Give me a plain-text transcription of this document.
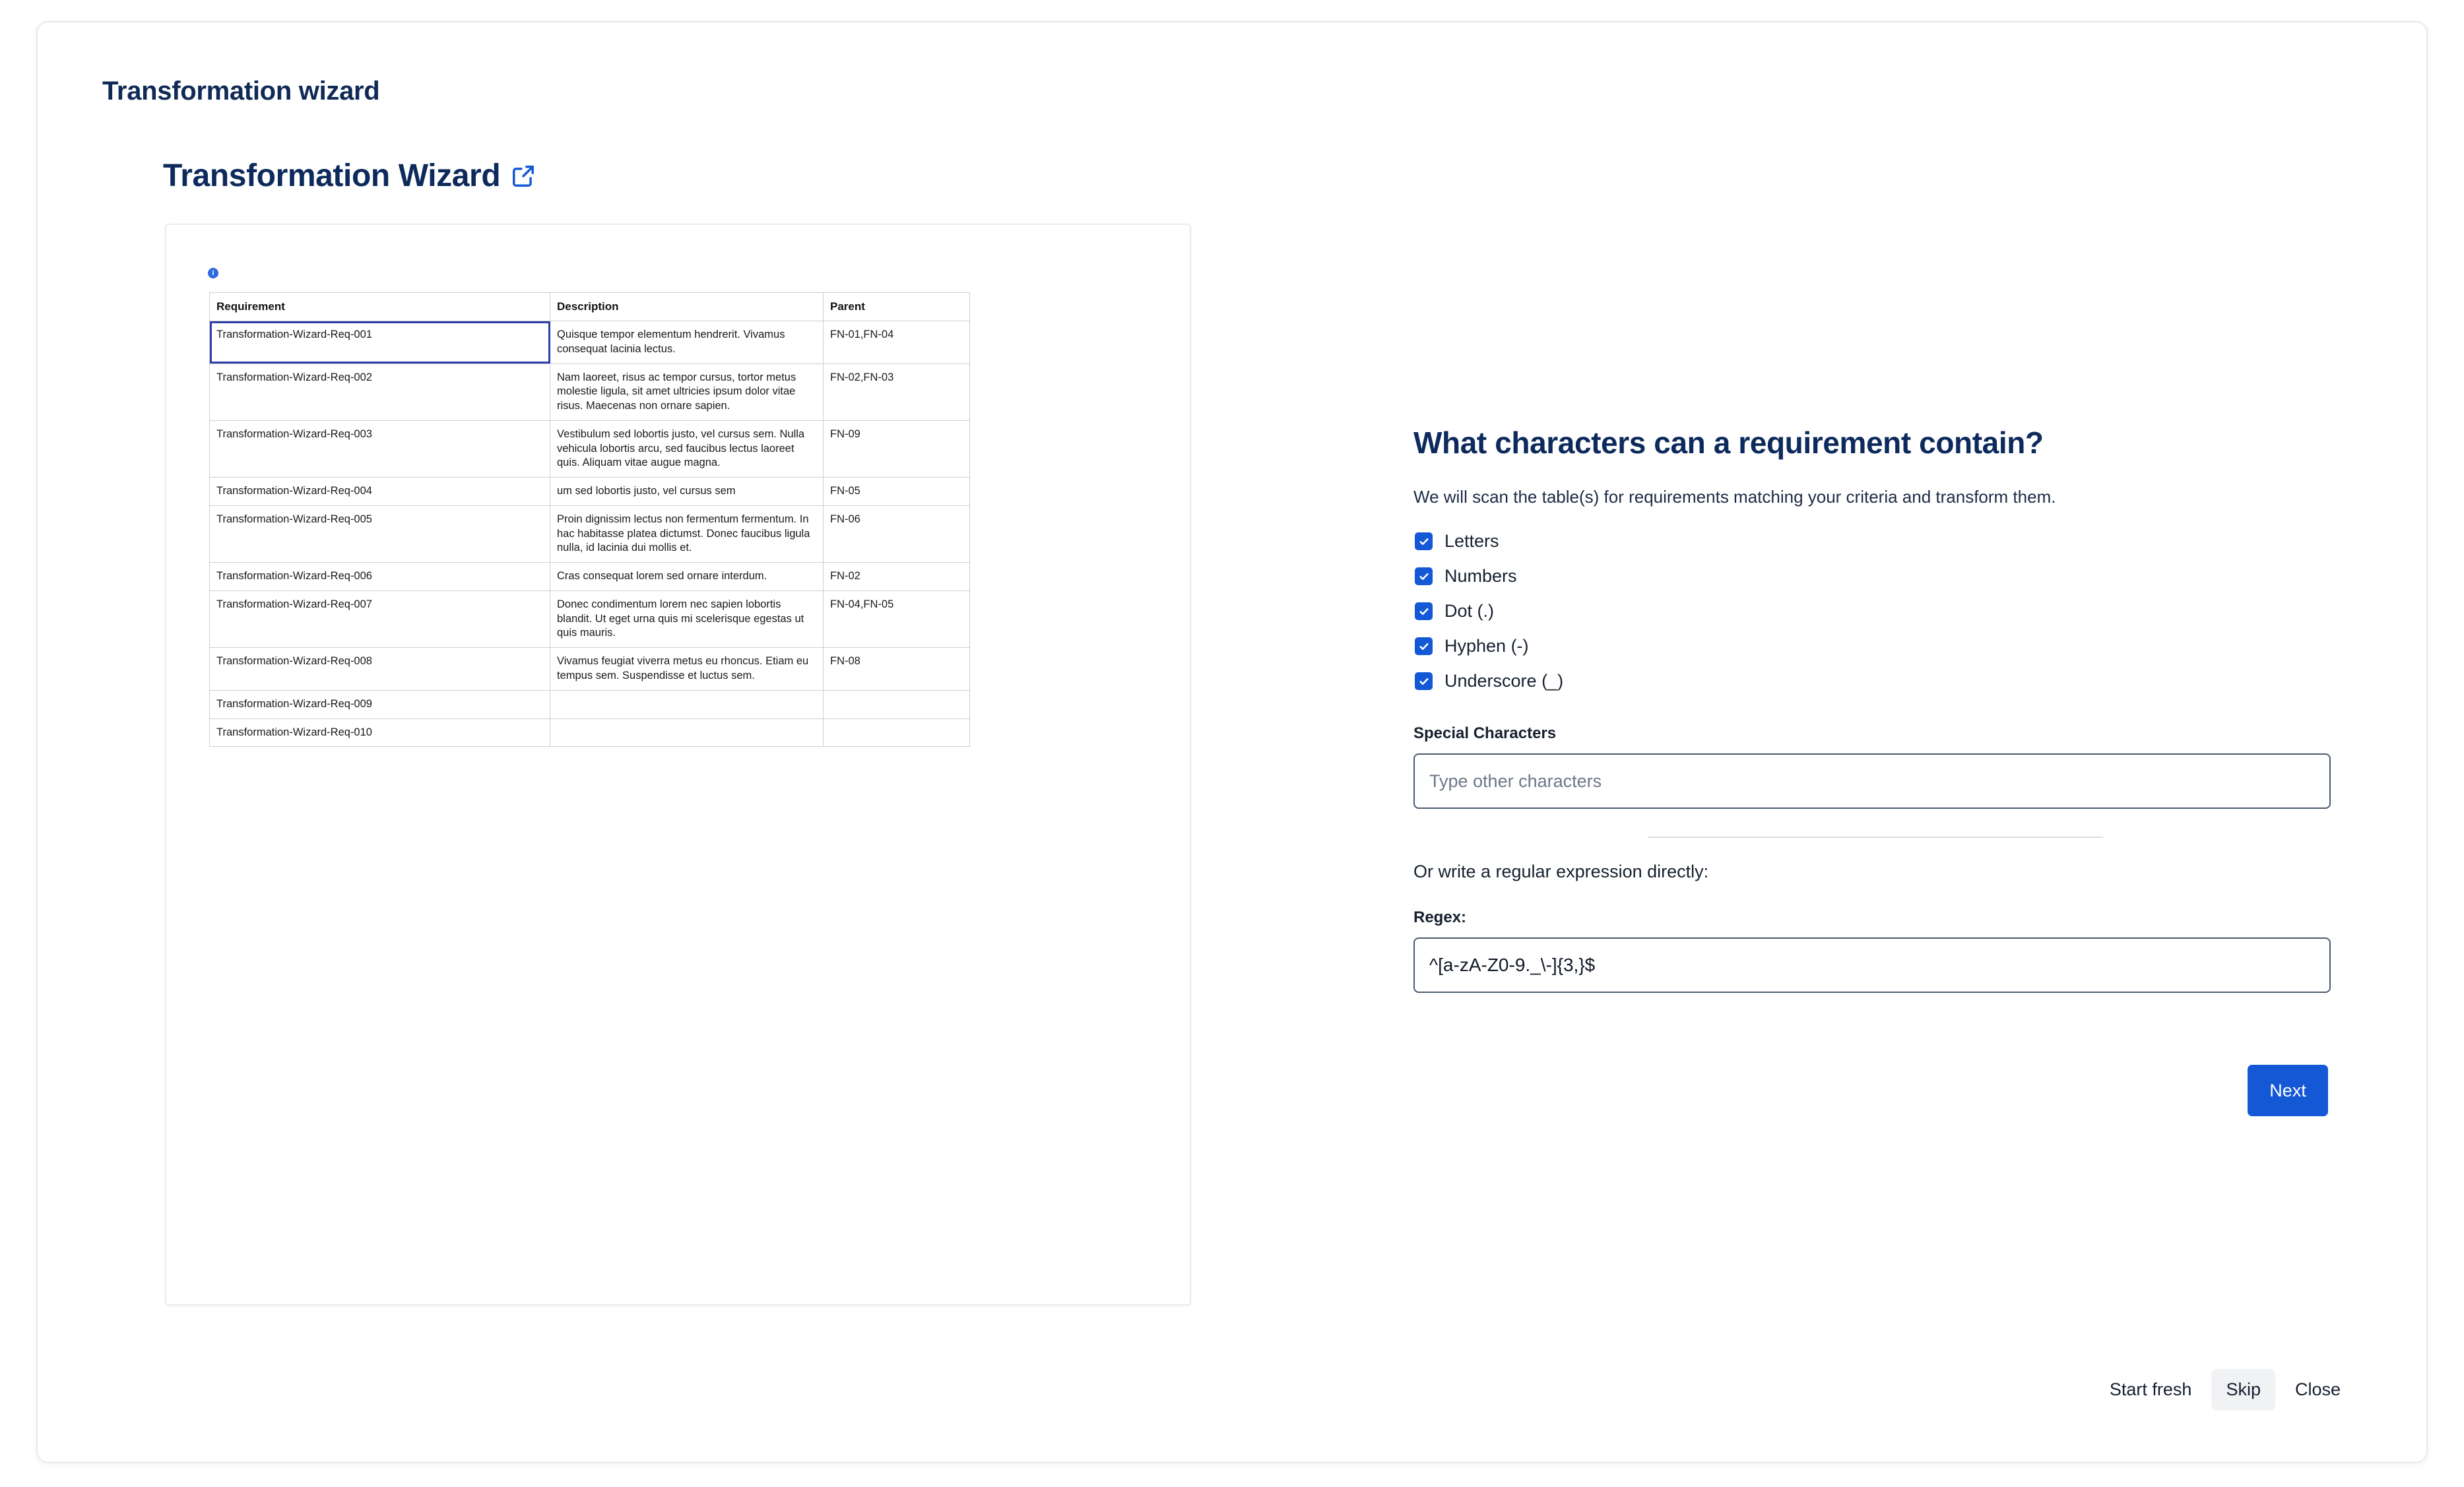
Transformation wizard
Transformation Wizard
i
Requirement	Description	Parent
Transformation-Wizard-Req-001	Quisque tempor elementum hendrerit. Vivamus consequat lacinia lectus.	FN-01,FN-04
Transformation-Wizard-Req-002	Nam laoreet, risus ac tempor cursus, tortor metus molestie ligula, sit amet ultricies ipsum dolor vitae risus. Maecenas non ornare sapien.	FN-02,FN-03
Transformation-Wizard-Req-003	Vestibulum sed lobortis justo, vel cursus sem. Nulla vehicula lobortis arcu, sed faucibus lectus laoreet quis. Aliquam vitae augue magna.	FN-09
Transformation-Wizard-Req-004	um sed lobortis justo, vel cursus sem	FN-05
Transformation-Wizard-Req-005	Proin dignissim lectus non fermentum fermentum. In hac habitasse platea dictumst. Donec faucibus ligula nulla, id lacinia dui mollis et.	FN-06
Transformation-Wizard-Req-006	Cras consequat lorem sed ornare interdum.	FN-02
Transformation-Wizard-Req-007	Donec condimentum lorem nec sapien lobortis blandit. Ut eget urna quis mi scelerisque egestas ut quis mauris.	FN-04,FN-05
Transformation-Wizard-Req-008	Vivamus feugiat viverra metus eu rhoncus. Etiam eu tempus sem. Suspendisse et luctus sem.	FN-08
Transformation-Wizard-Req-009		
Transformation-Wizard-Req-010		
What characters can a requirement contain?

We will scan the table(s) for requirements matching your criteria and transform them.

Letters
Numbers
Dot (.)
Hyphen (-)
Underscore (_)
Special Characters
Type other characters
Or write a regular expression directly:
Regex:
^[a-zA-Z0-9._\-]{3,}$
Next
Start fresh	Skip	Close
